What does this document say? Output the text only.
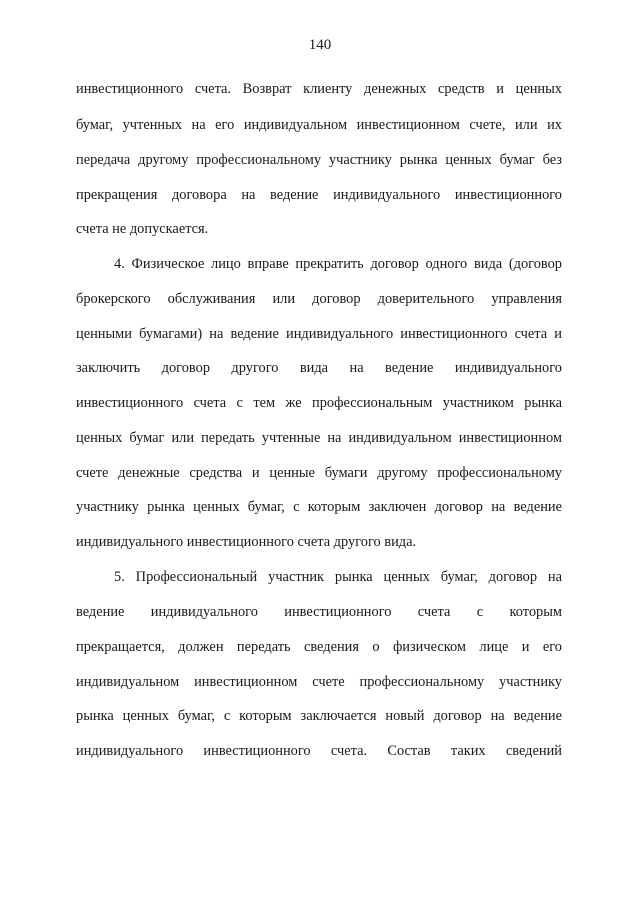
140
инвестиционного счета. Возврат клиенту денежных средств и ценных
бумаг, учтенных на его индивидуальном инвестиционном счете, или их
передача другому профессиональному участнику рынка ценных бумаг без
прекращения договора на ведение индивидуального инвестиционного
счета не допускается.
4. Физическое лицо вправе прекратить договор одного вида (договор
брокерского обслуживания или договор доверительного управления
ценными бумагами) на ведение индивидуального инвестиционного счета и
заключить договор другого вида на ведение индивидуального
инвестиционного счета с тем же профессиональным участником рынка
ценных бумаг или передать учтенные на индивидуальном инвестиционном
счете денежные средства и ценные бумаги другому профессиональному
участнику рынка ценных бумаг, с которым заключен договор на ведение
индивидуального инвестиционного счета другого вида.
5. Профессиональный участник рынка ценных бумаг, договор на
ведение индивидуального инвестиционного счета с которым
прекращается, должен передать сведения о физическом лице и его
индивидуальном инвестиционном счете профессиональному участнику
рынка ценных бумаг, с которым заключается новый договор на ведение
индивидуального инвестиционного счета. Состав таких сведений
